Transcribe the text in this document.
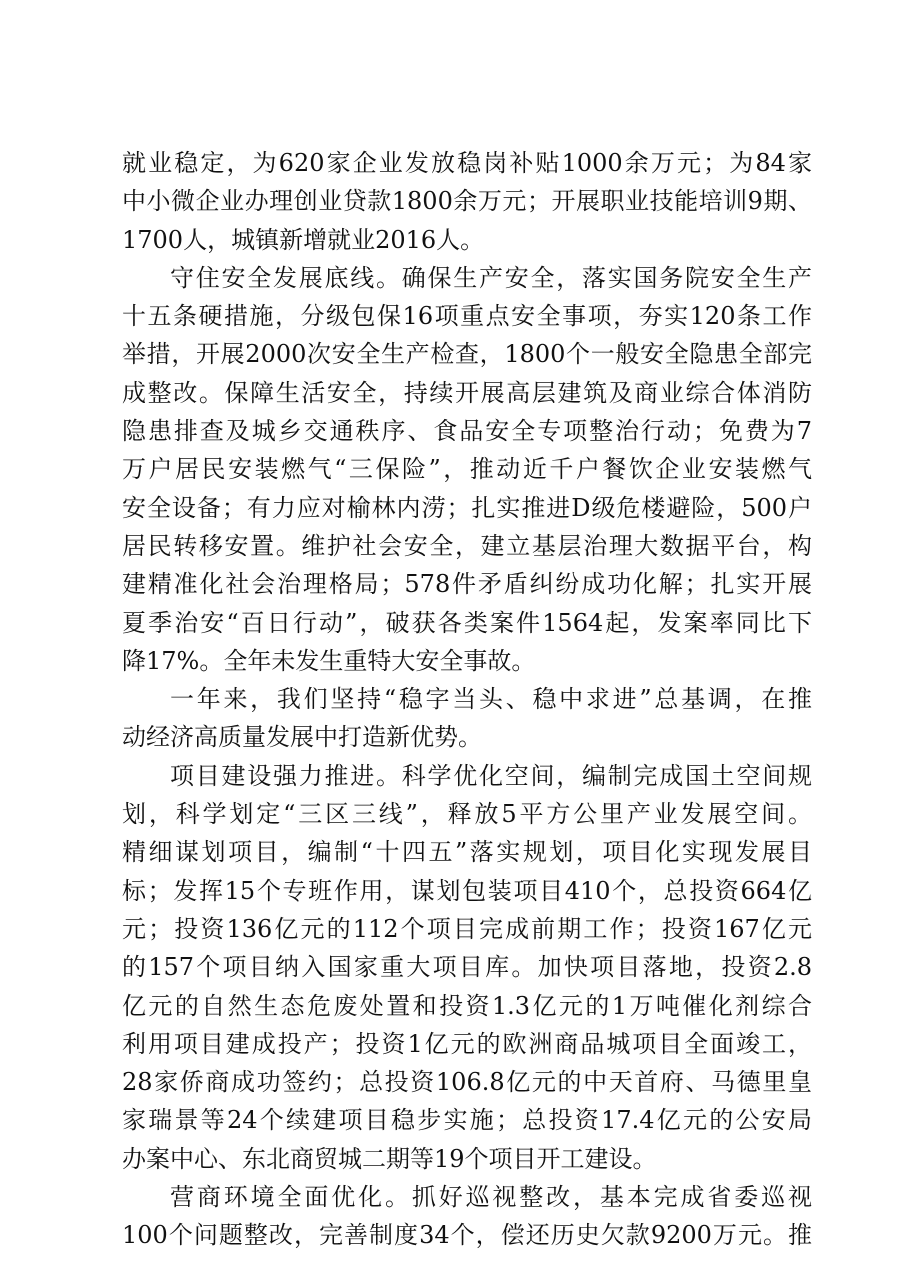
就业稳定，为620家企业发放稳岗补贴1000余万元；为84家
中小微企业办理创业贷款1800余万元；开展职业技能培训9期、
1700人，城镇新增就业2016人。
守住安全发展底线。确保生产安全，落实国务院安全生产
十五条硬措施，分级包保16项重点安全事项，夯实120条工作
举措，开展2000次安全生产检查，1800个一般安全隐患全部完
成整改。保障生活安全，持续开展高层建筑及商业综合体消防
隐患排查及城乡交通秩序、食品安全专项整治行动；免费为7
万户居民安装燃气“三保险”，推动近千户餐饮企业安装燃气
安全设备；有力应对榆林内涝；扎实推进D级危楼避险，500户
居民转移安置。维护社会安全，建立基层治理大数据平台，构
建精准化社会治理格局；578件矛盾纠纷成功化解；扎实开展
夏季治安“百日行动”，破获各类案件1564起，发案率同比下
降17%。全年未发生重特大安全事故。
一年来，我们坚持“稳字当头、稳中求进”总基调，在推
动经济高质量发展中打造新优势。
项目建设强力推进。科学优化空间，编制完成国土空间规
划，科学划定“三区三线”，释放5平方公里产业发展空间。
精细谋划项目，编制“十四五”落实规划，项目化实现发展目
标；发挥15个专班作用，谋划包装项目410个，总投资664亿
元；投资136亿元的112个项目完成前期工作；投资167亿元
的157个项目纳入国家重大项目库。加快项目落地，投资2.8
亿元的自然生态危废处置和投资1.3亿元的1万吨催化剂综合
利用项目建成投产；投资1亿元的欧洲商品城项目全面竣工，
28家侨商成功签约；总投资106.8亿元的中天首府、马德里皇
家瑞景等24个续建项目稳步实施；总投资17.4亿元的公安局
办案中心、东北商贸城二期等19个项目开工建设。
营商环境全面优化。抓好巡视整改，基本完成省委巡视
100个问题整改，完善制度34个，偿还历史欠款9200万元。推
